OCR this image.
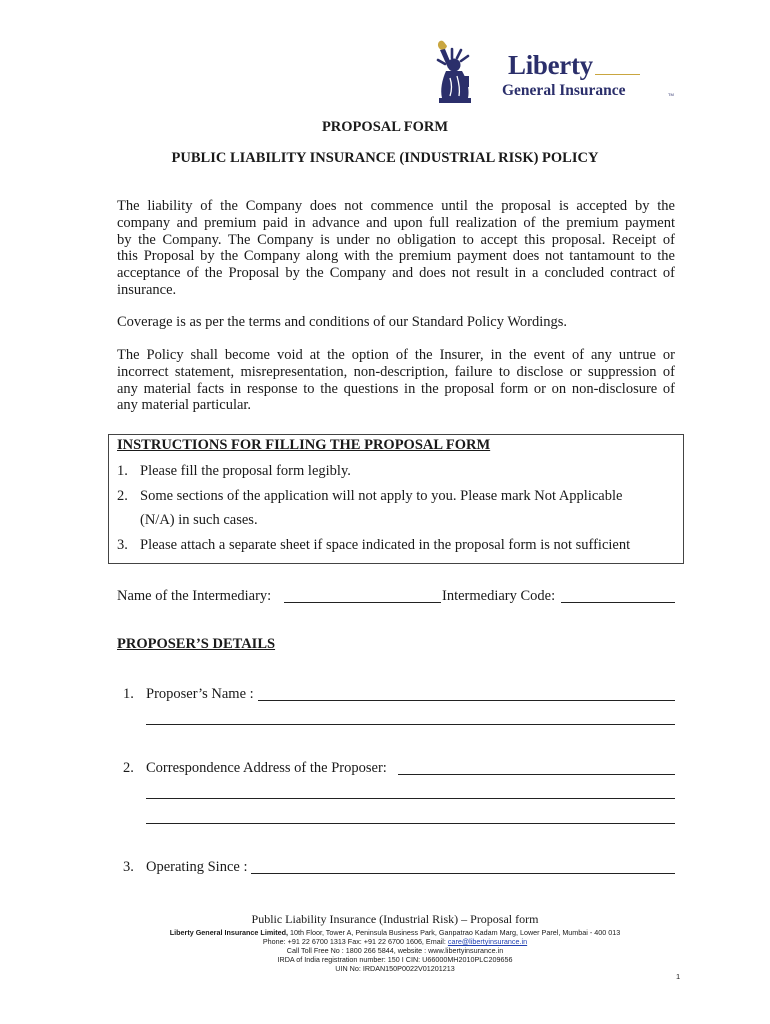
Liberty
General Insurance	TM
PROPOSAL FORM
PUBLIC LIABILITY INSURANCE (INDUSTRIAL RISK) POLICY
The liability of the Company does not commence until the proposal is accepted by the
company and premium paid in advance and upon full realization of the premium payment
by the Company. The Company is under no obligation to accept this proposal. Receipt of
this Proposal by the Company along with the premium payment does not tantamount to the
acceptance of the Proposal by the Company and does not result in a concluded contract of
insurance.
Coverage is as per the terms and conditions of our Standard Policy Wordings.
The Policy shall become void at the option of the Insurer, in the event of any untrue or
incorrect statement, misrepresentation, non-description, failure to disclose or suppression of
any material facts in response to the questions in the proposal form or on non-disclosure of
any material particular.
INSTRUCTIONS FOR FILLING THE PROPOSAL FORM
1. Please fill the proposal form legibly.
2. Some sections of the application will not apply to you. Please mark Not Applicable
(N/A) in such cases.
3. Please attach a separate sheet if space indicated in the proposal form is not sufficient
Name of the Intermediary:	Intermediary Code:
PROPOSER’S DETAILS
1. Proposer’s Name :
2. Correspondence Address of the Proposer:
3. Operating Since :
Public Liability Insurance (Industrial Risk) – Proposal form
Liberty General Insurance Limited, 10th Floor, Tower A, Peninsula Business Park, Ganpatrao Kadam Marg, Lower Parel, Mumbai - 400 013
Phone: +91 22 6700 1313 Fax: +91 22 6700 1606, Email: care@libertyinsurance.in
Call Toll Free No : 1800 266 5844, website : www.libertyinsurance.in
IRDA of India registration number: 150 I CIN: U66000MH2010PLC209656
UIN No: IRDAN150P0022V01201213
1
